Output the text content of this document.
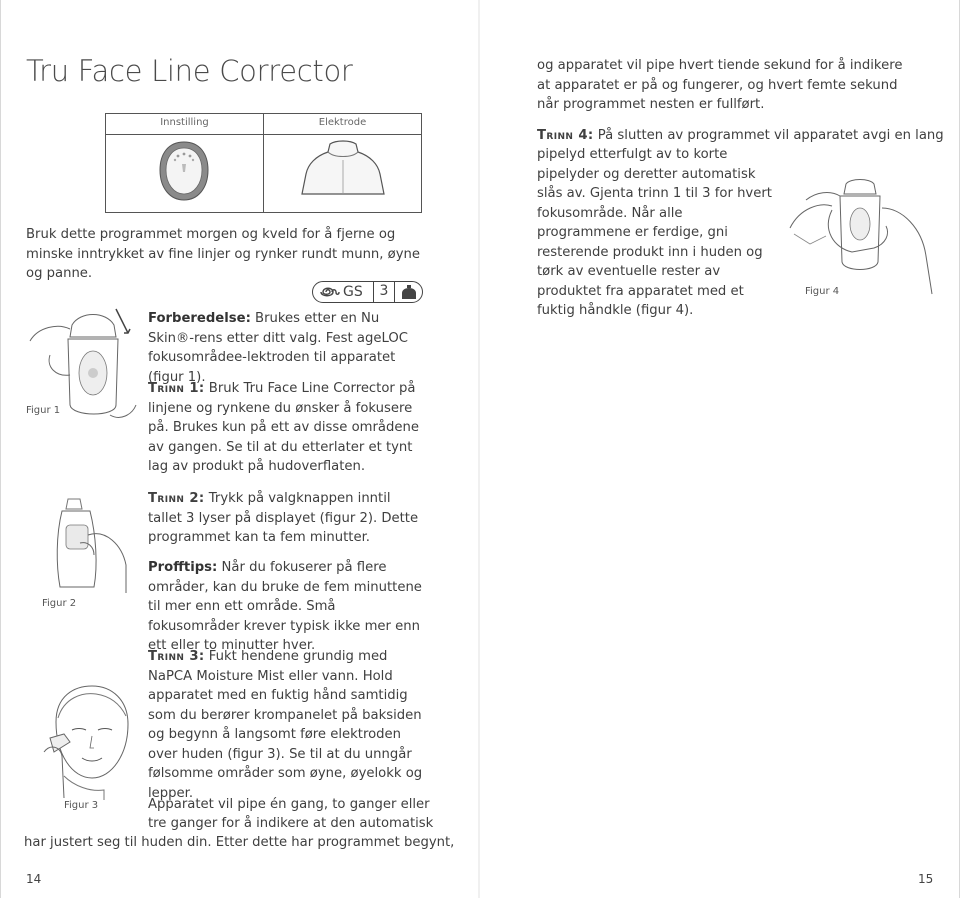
Tru Face Line Corrector
Innstilling	Elektrode
Bruk dette programmet morgen og kveld for å fjerne og minske inntrykket av fine linjer og rynker rundt munn, øyne og panne.
GS	3
Figur 1
Forberedelse: Brukes etter en Nu Skin®-rens etter ditt valg. Fest ageLOC fokusområdee-lektroden til apparatet (figur 1).
Trinn 1: Bruk Tru Face Line Corrector på linjene og rynkene du ønsker å fokusere på. Brukes kun på ett av disse områdene av gangen. Se til at du etterlater et tynt lag av produkt på hudoverflaten.
Figur 2
Trinn 2: Trykk på valgknappen inntil tallet 3 lyser på displayet (figur 2). Dette programmet kan ta fem minutter.
Profftips: Når du fokuserer på flere områder, kan du bruke de fem minuttene til mer enn ett område. Små fokusområder krever typisk ikke mer enn ett eller to minutter hver.
Figur 3
Trinn 3: Fukt hendene grundig med NaPCA Moisture Mist eller vann. Hold apparatet med en fuktig hånd samtidig som du berører krompanelet på baksiden og begynn å langsomt føre elektroden over huden (figur 3). Se til at du unngår følsomme områder som øyne, øyelokk og lepper.
Apparatet vil pipe én gang, to ganger eller
tre ganger for å indikere at den automatisk
har justert seg til huden din. Etter dette har programmet begynt,
14
og apparatet vil pipe hvert tiende sekund for å indikere at apparatet er på og fungerer, og hvert femte sekund når programmet nesten er fullført.
Trinn 4: På slutten av programmet vil apparatet avgi en lang
pipelyd etterfulgt av to korte pipelyder og deretter automatisk slås av. Gjenta trinn 1 til 3 for hvert fokusområde. Når alle programmene er ferdige, gni resterende produkt inn i huden og tørk av eventuelle rester av produktet fra apparatet med et fuktig håndkle (figur 4).
Figur 4
15
